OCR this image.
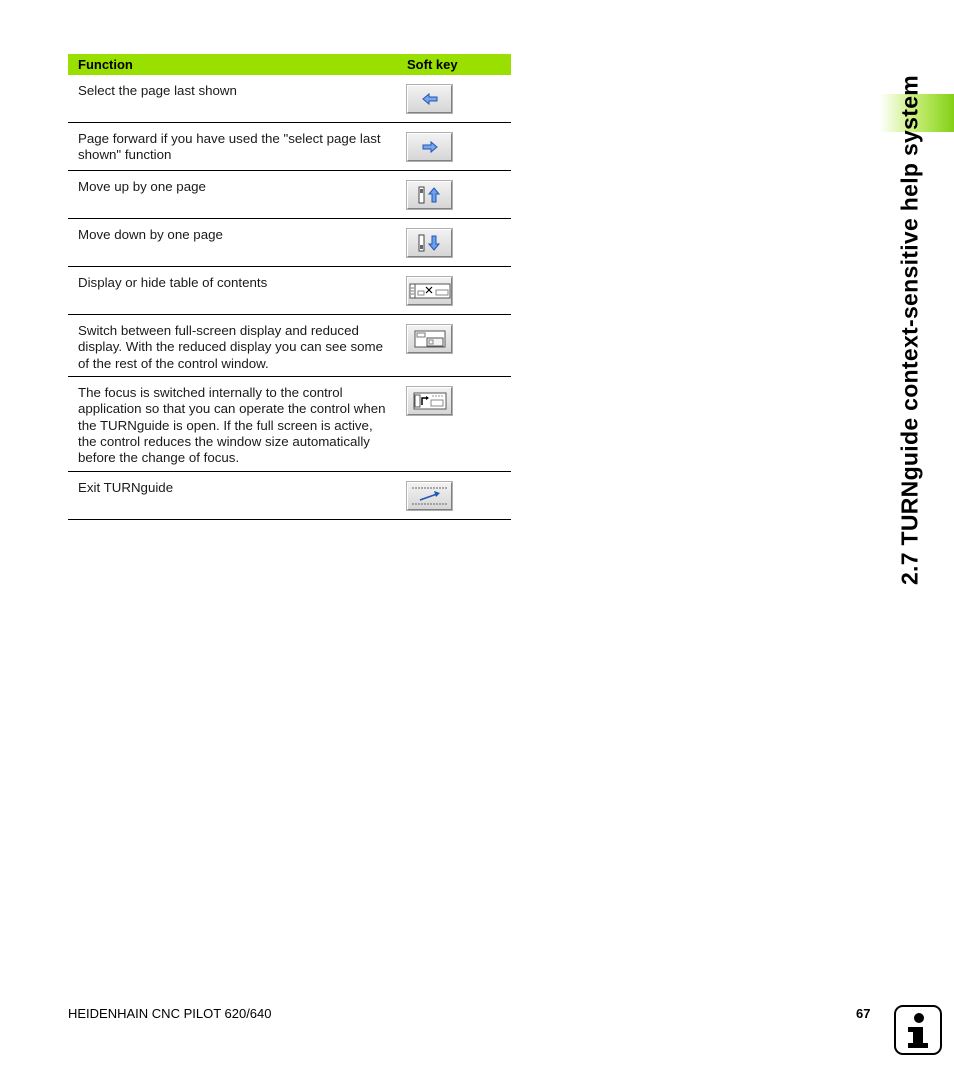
2.7 TURNguide context-sensitive help system
Function	Soft key
Select the page last shown
Page forward if you have used the "select page last shown" function
Move up by one page
Move down by one page
Display or hide table of contents
Switch between full-screen display and reduced display. With the reduced display you can see some of the rest of the control window.
The focus is switched internally to the control application so that you can operate the control when the TURNguide is open. If the full screen is active, the control reduces the window size automatically before the change of focus.
Exit TURNguide
HEIDENHAIN CNC PILOT 620/640	67
